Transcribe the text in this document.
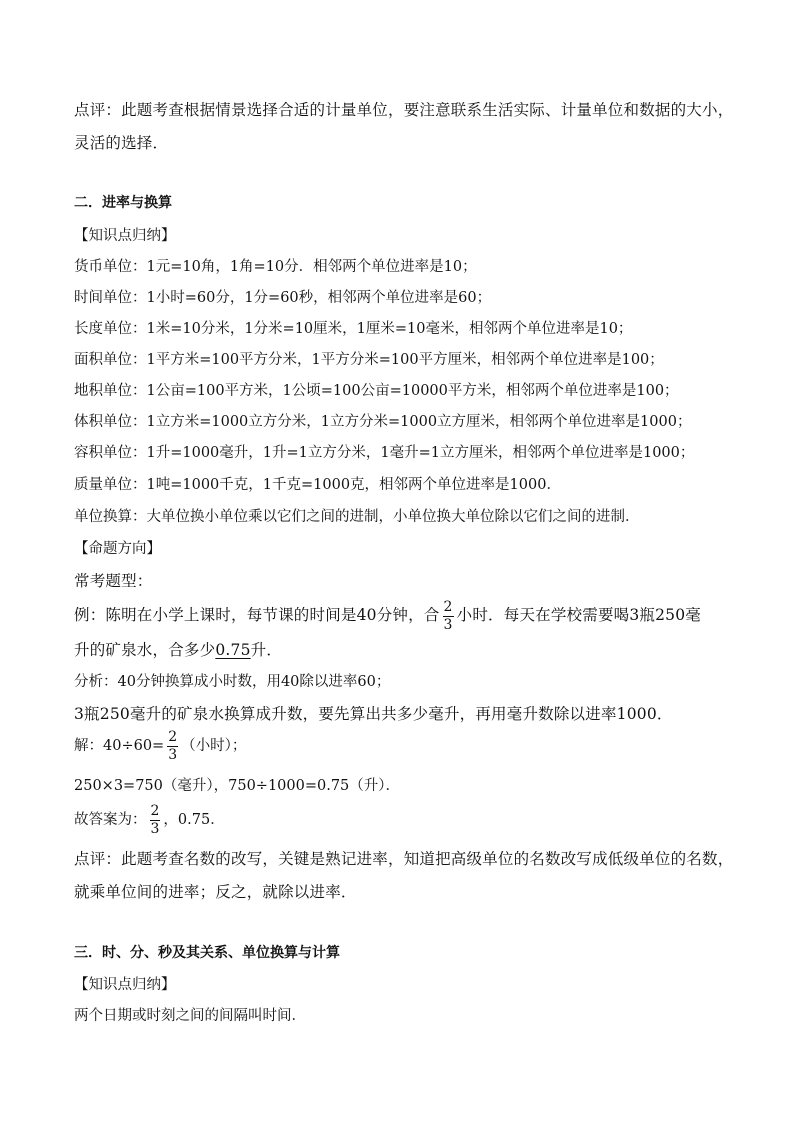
点评：此题考查根据情景选择合适的计量单位，要注意联系生活实际、计量单位和数据的大小，
灵活的选择．
二．进率与换算
【知识点归纳】
货币单位：1元=10角，1角=10分．相邻两个单位进率是10；
时间单位：1小时=60分，1分=60秒，相邻两个单位进率是60；
长度单位：1米=10分米，1分米=10厘米，1厘米=10毫米，相邻两个单位进率是10；
面积单位：1平方米=100平方分米，1平方分米=100平方厘米，相邻两个单位进率是100；
地积单位：1公亩=100平方米，1公顷=100公亩=10000平方米，相邻两个单位进率是100；
体积单位：1立方米=1000立方分米，1立方分米=1000立方厘米，相邻两个单位进率是1000；
容积单位：1升=1000毫升，1升=1立方分米，1毫升=1立方厘米，相邻两个单位进率是1000；
质量单位：1吨=1000千克，1千克=1000克，相邻两个单位进率是1000．
单位换算：大单位换小单位乘以它们之间的进制，小单位换大单位除以它们之间的进制．
【命题方向】
常考题型：
例：陈明在小学上课时，每节课的时间是40分钟，合 $\frac{2}{3}$ 小时．每天在学校需要喝3瓶250毫
升的矿泉水，合多少0.75升．
分析：40分钟换算成小时数，用40除以进率60；
3瓶250毫升的矿泉水换算成升数，要先算出共多少毫升，再用毫升数除以进率1000．
解：$40\div 60= \frac{2}{3}$ （小时）；
250×3=750（毫升），750÷1000=0.75（升）．
故答案为： $\frac{2}{3}$ ，0.75．
点评：此题考查名数的改写，关键是熟记进率，知道把高级单位的名数改写成低级单位的名数，
就乘单位间的进率；反之，就除以进率．
三．时、分、秒及其关系、单位换算与计算
【知识点归纳】
两个日期或时刻之间的间隔叫时间．
